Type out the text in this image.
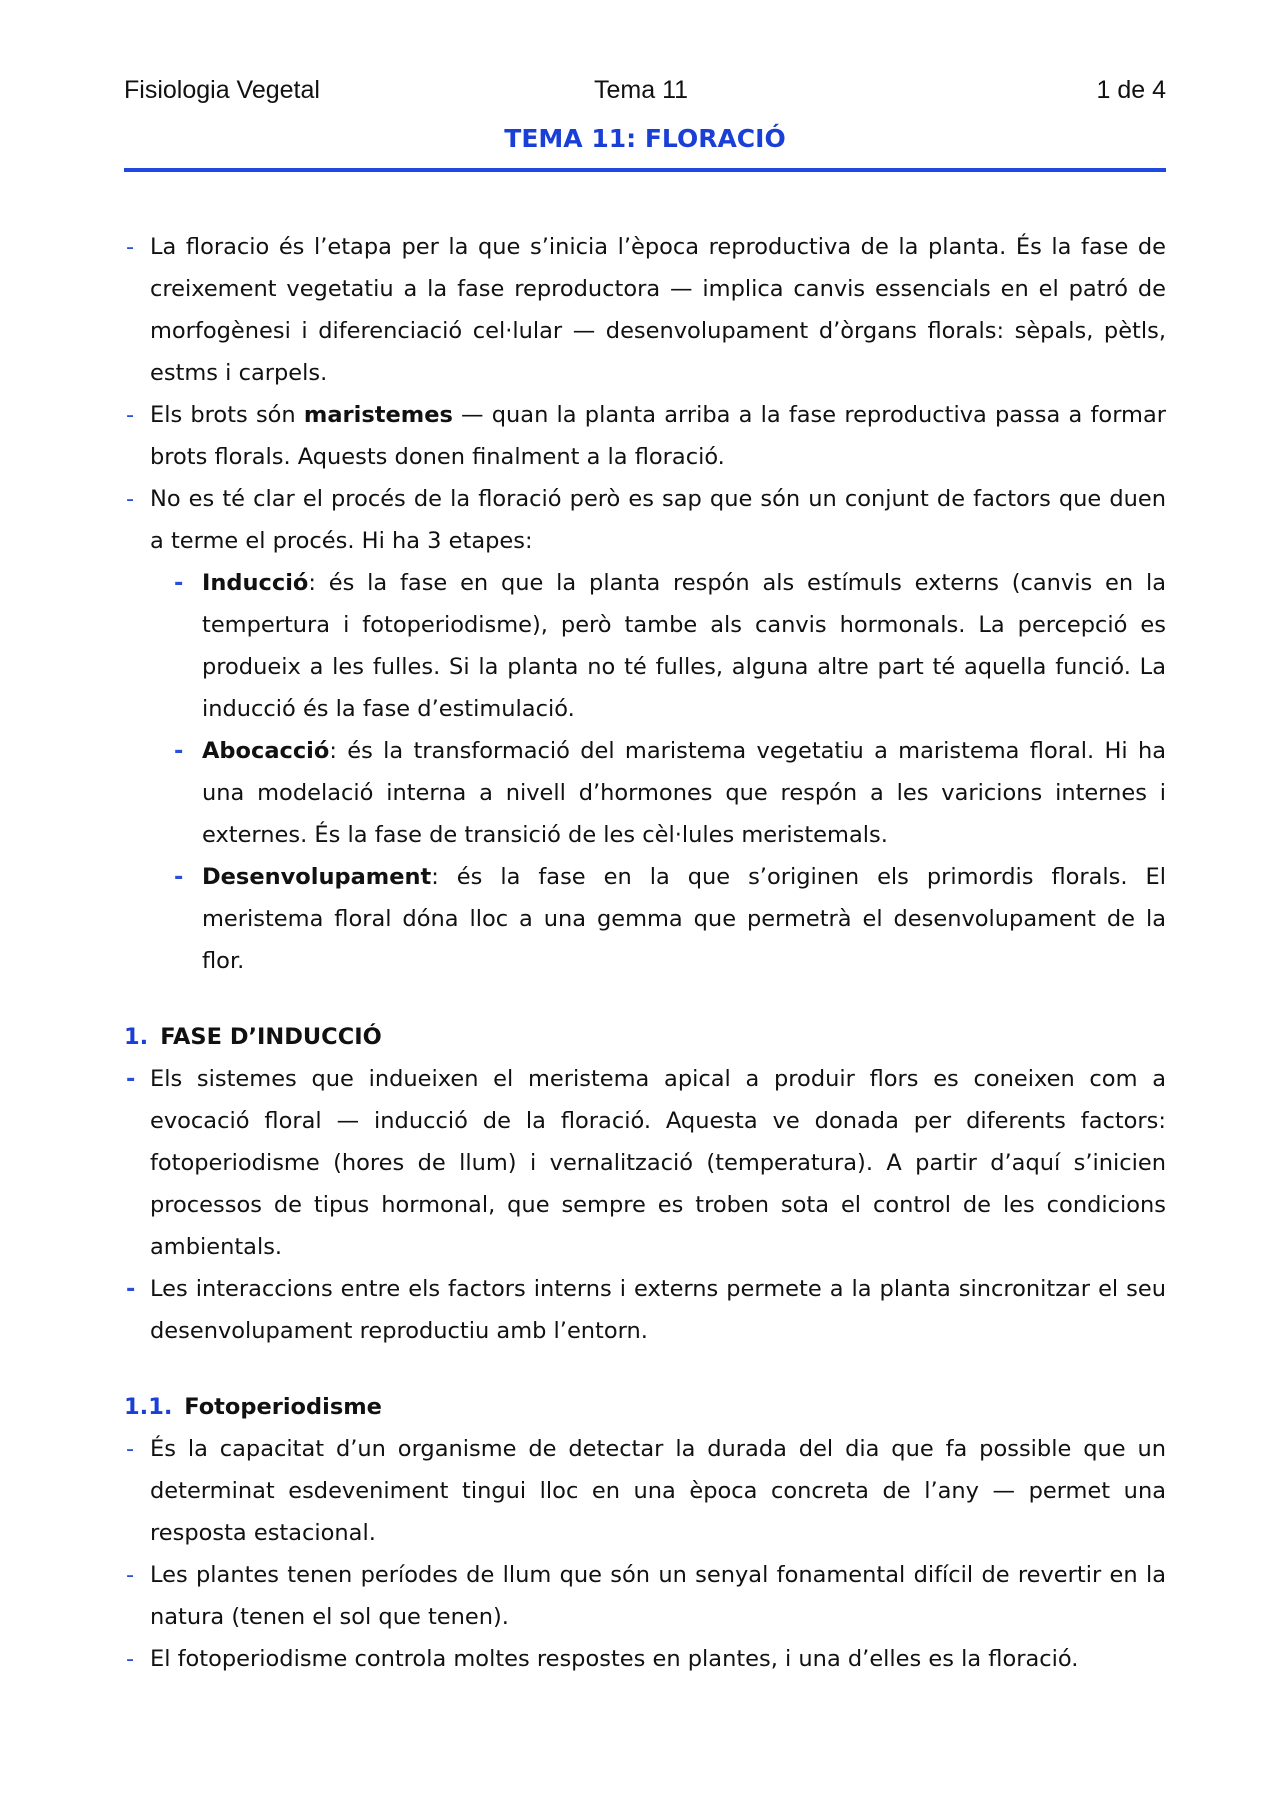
Fisiologia Vegetal	Tema 11	1 de 4
TEMA 11: FLORACIÓ
- La floracio és l’etapa per la que s’inicia l’època reproductiva de la planta. És la fase de creixement vegetatiu a la fase reproductora — implica canvis essencials en el patró de morfogènesi i diferenciació cel·lular — desenvolupament d’òrgans florals: sèpals, pètls, estms i carpels.
- Els brots són maristemes — quan la planta arriba a la fase reproductiva passa a formar brots florals. Aquests donen finalment a la floració.
- No es té clar el procés de la floració però es sap que són un conjunt de factors que duen a terme el procés. Hi ha 3 etapes:
- Inducció: és la fase en que la planta respón als estímuls externs (canvis en la tempertura i fotoperiodisme), però tambe als canvis hormonals. La percepció es produeix a les fulles. Si la planta no té fulles, alguna altre part té aquella funció. La inducció és la fase d’estimulació.
- Abocacció: és la transformació del maristema vegetatiu a maristema floral. Hi ha una modelació interna a nivell d’hormones que respón a les varicions internes i externes. És la fase de transició de les cèl·lules meristemals.
- Desenvolupament: és la fase en la que s’originen els primordis florals. El meristema floral dóna lloc a una gemma que permetrà el desenvolupament de la flor.
1. FASE D’INDUCCIÓ
- Els sistemes que indueixen el meristema apical a produir flors es coneixen com a evocació floral — inducció de la floració. Aquesta ve donada per diferents factors: fotoperiodisme (hores de llum) i vernalització (temperatura). A partir d’aquí s’inicien processos de tipus hormonal, que sempre es troben sota el control de les condicions ambientals.
- Les interaccions entre els factors interns i externs permete a la planta sincronitzar el seu desenvolupament reproductiu amb l’entorn.
1.1. Fotoperiodisme
- És la capacitat d’un organisme de detectar la durada del dia que fa possible que un determinat esdeveniment tingui lloc en una època concreta de l’any — permet una resposta estacional.
- Les plantes tenen períodes de llum que són un senyal fonamental difícil de revertir en la natura (tenen el sol que tenen).
- El fotoperiodisme controla moltes respostes en plantes, i una d’elles es la floració.
